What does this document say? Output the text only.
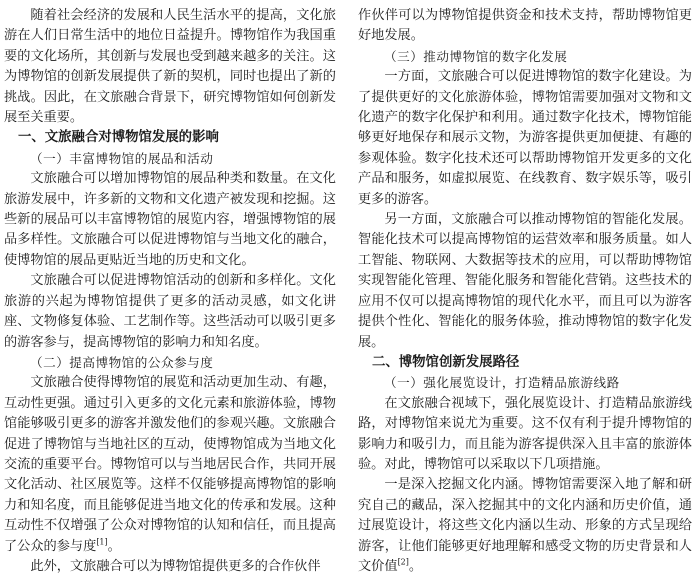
随着社会经济的发展和人民生活水平的提高，文化旅游在人们日常生活中的地位日益提升。博物馆作为我国重要的文化场所，其创新与发展也受到越来越多的关注。这为博物馆的创新发展提供了新的契机，同时也提出了新的挑战。因此，在文旅融合背景下，研究博物馆如何创新发展至关重要。

一、文旅融合对博物馆发展的影响
（一）丰富博物馆的展品和活动

文旅融合可以增加博物馆的展品种类和数量。在文化旅游发展中，许多新的文物和文化遗产被发现和挖掘。这些新的展品可以丰富博物馆的展览内容，增强博物馆的展品多样性。文旅融合可以促进博物馆与当地文化的融合，使博物馆的展品更贴近当地的历史和文化。

文旅融合可以促进博物馆活动的创新和多样化。文化旅游的兴起为博物馆提供了更多的活动灵感，如文化讲座、文物修复体验、工艺制作等。这些活动可以吸引更多的游客参与，提高博物馆的影响力和知名度。

（二）提高博物馆的公众参与度

文旅融合使得博物馆的展览和活动更加生动、有趣，互动性更强。通过引入更多的文化元素和旅游体验，博物馆能够吸引更多的游客并激发他们的参观兴趣。文旅融合促进了博物馆与当地社区的互动，使博物馆成为当地文化交流的重要平台。博物馆可以与当地居民合作，共同开展文化活动、社区展览等。这样不仅能够提高博物馆的影响力和知名度，而且能够促进当地文化的传承和发展。这种互动性不仅增强了公众对博物馆的认知和信任，而且提高了公众的参与度[1]。

此外，文旅融合可以为博物馆提供更多的合作伙伴

作伙伴可以为博物馆提供资金和技术支持，帮助博物馆更好地发展。

（三）推动博物馆的数字化发展

一方面，文旅融合可以促进博物馆的数字化建设。为了提供更好的文化旅游体验，博物馆需要加强对文物和文化遗产的数字化保护和利用。通过数字化技术，博物馆能够更好地保存和展示文物，为游客提供更加便捷、有趣的参观体验。数字化技术还可以帮助博物馆开发更多的文化产品和服务，如虚拟展览、在线教育、数字娱乐等，吸引更多的游客。

另一方面，文旅融合可以推动博物馆的智能化发展。智能化技术可以提高博物馆的运营效率和服务质量。如人工智能、物联网、大数据等技术的应用，可以帮助博物馆实现智能化管理、智能化服务和智能化营销。这些技术的应用不仅可以提高博物馆的现代化水平，而且可以为游客提供个性化、智能化的服务体验，推动博物馆的数字化发展。

二、博物馆创新发展路径
（一）强化展览设计，打造精品旅游线路

在文旅融合视域下，强化展览设计、打造精品旅游线路，对博物馆来说尤为重要。这不仅有利于提升博物馆的影响力和吸引力，而且能为游客提供深入且丰富的旅游体验。对此，博物馆可以采取以下几项措施。

一是深入挖掘文化内涵。博物馆需要深入地了解和研究自己的藏品，深入挖掘其中的文化内涵和历史价值，通过展览设计，将这些文化内涵以生动、形象的方式呈现给游客，让他们能够更好地理解和感受文物的历史背景和人文价值[2]。
